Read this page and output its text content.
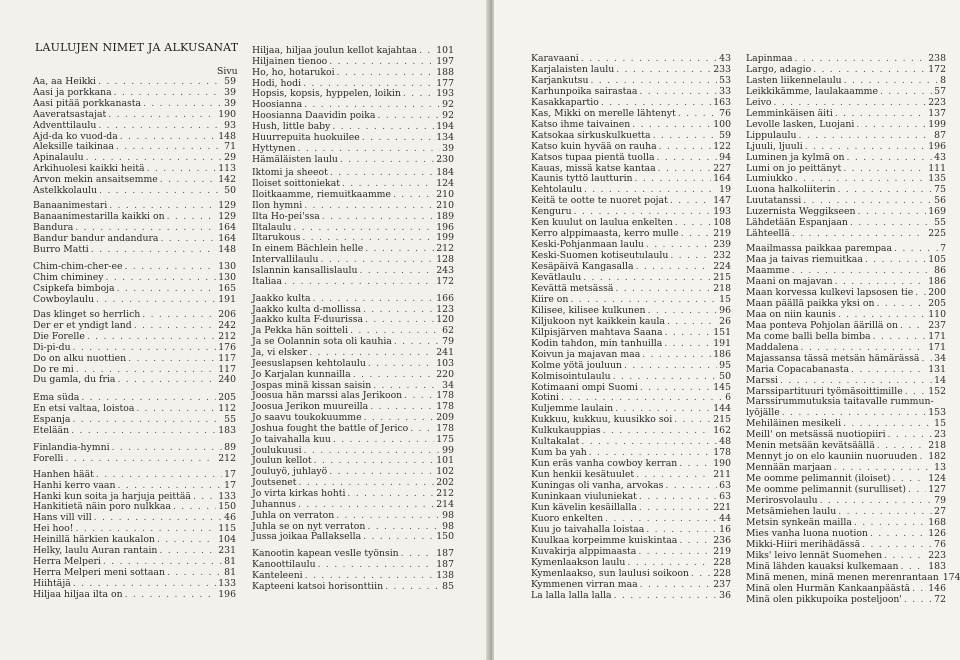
LAULUJEN NIMET JA ALKUSANAT
Sivu
Aa, aa Heikki . . .	59
Aasi ja porkkana . . .	39
Aasi pitää porkkanasta . . .	39
Aaveratsastajat . . .	190
Adventtilaulu . . .	93
Ajd-da ko vuod-da . . .	148
Aleksille taikinaa . . .	71
Apinalaulu . . .	29
Arkihuolesi kaikki heitä . . .	113
Arvon mekin ansaitsemme . . .	142
Astelkkolaulu . . .	50
Banaanimestari . . .	129
Banaanimestarilla kaikki on . . .	129
Bandura . . .	164
Bandur bandur andandura . . .	164
Burro Matti . . .	148
Chim-chim-cher-ee . . .	130
Chim chiminey . . .	130
Csipkefa bimboja . . .	165
Cowboylaulu . . .	191
Das klinget so herrlich . . .	206
Der er et yndigt land . . .	242
Die Forelle . . .	212
Di-pi-du . . .	176
Do on alku nuottien . . .	117
Do re mi . . .	117
Du gamla, du fria . . .	240
Ema süda . . .	205
En etsi valtaa, loistoa . . .	112
Espanja . . .	55
Etelään . . .	183
Finlandia-hymni . . .	89
Forelli . . .	212
Hanhen häät . . .	17
Hanhi kerro vaan . . .	17
Hanki kun soita ja harjuja peittää . . .	133
Hankitietä näin poro nulkkaa . . .	150
Hans vill vill . . .	46
Hei hoo! . . .	115
Heinillä härkien kaukalon . . .	104
Helky, laulu Auran rantain . . .	231
Herra Melperi . . .	81
Herra Melperi meni sottaan . . .	81
Hiihtäjä . . .	133
Hiljaa hiljaa ilta on . . .	196
Hiljaa, hiljaa joulun kellot kajahtaa . . . 101
Hiljainen tienoo . . .	197
Ho, ho, hotarukoi . . .	188
Hodi, hodi . . .	177
Hopsis, kopsis, hyppelen, loikin . . .	193
Hoosianna . . .	92
Hoosianna Daavidin poika . . .	92
Hush, little baby . . .	194
Huurrepuita huokuilee . . .	134
Hyttynen . . .	39
Hämäläisten laulu . . .	230
Iktomi ja sheeot . . .	184
Iloiset soittoniekat . . .	124
Iloitkaamme, riemuitkaamme . . .	210
Ilon hymni . . .	210
Ilta Ho-pei'ssa . . .	189
Iltalaulu . . .	196
Iltarukous . . .	199
In einem Bächlein helle . . .	212
Intervallilaulu . . .	128
Islannin kansallislaulu . . .	243
Italiaa . . .	172
Jaakko kulta . . .	166
Jaakko kulta d-mollissa . . .	123
Jaakko kulta F-duurissa . . .	120
Ja Pekka hän soitteli . . .	62
Ja se Oolannin sota oli kauhia . . .	79
Ja, vi elsker . . .	241
Jeesuslapsen kehtolaulu . . .	103
Jo Karjalan kunnailla . . .	220
Jospas minä kissan saisin . . .	34
Joosua hän marssi alas Jerikoon . . .	178
Joosua Jerikon muureilla . . .	178
Jo saavu toukokuumme . . .	209
Joshua fought the battle of Jerico . . .	178
Jo taivahalla kuu . . .	175
Joulukuusi . . .	99
Joulun kellot . . .	101
Jouluyö, juhlayö . . .	102
Joutsenet . . .	202
Jo virta kirkas hohti . . .	212
Juhannus . . .	214
Juhla on verraton . . .	98
Juhla se on nyt verraton . . .	98
Jussa joikaa Pallaksella . . .	150
Kanootin kapean veslle työnsin . . .	187
Kanoottilaulu . . .	187
Kanteleeni . . .	138
Kapteeni katsoi horisonttiin . . .	85
Karavaani . . .	43
Karjalaisten laulu . . .	233
Karjankutsu . . .	53
Karhunpoika sairastaa . . .	33
Kasakkapartio . . .	163
Kas, Mikki on merelle lähtenyt . . .	76
Katso ihme taivainen . . .	100
Katsokaa sirkuskulkuetta . . .	59
Katso kuin hyvää on rauha . . .	122
Katsos tupaa pientä tuolla . . .	94
Kauas, missä katse kantaa . . .	227
Kaunis tyttö lautturin . . .	164
Kehtolaulu . . .	19
Keitä te ootte te nuoret pojat . . .	147
Kenguru . . .	193
Ken kuulut on laulua enkelten . . .	108
Kerro alppimaasta, kerro mulle . . .	219
Keski-Pohjanmaan laulu . . .	239
Keski-Suomen kotiseutulaulu . . .	232
Kesäpäivä Kangasalla . . .	224
Kevätlaulu . . .	215
Kevättä metsässä . . .	218
Kiire on . . .	15
Kilisee, kilisee kulkunen . . .	96
Kiljukoon nyt kaikkein kaula . . .	26
Kilpisjärven mahtava Saana . . .	151
Kodin tahdon, min tanhuilla . . .	191
Koivun ja majavan maa . . .	186
Kolme yötä jouluun . . .	95
Kolmisointulaulu . . .	50
Kotimaani ompi Suomi . . .	145
Kotini . . .	6
Kuljemme laulain . . .	144
Kukkuu, kukkuu, kuusikko soi . . .	215
Kulkukauppias . . .	162
Kultakalat . . .	48
Kum ba yah . . .	178
Kun eräs vanha cowboy kerran . . .	190
Kun henkii kesätuulet . . .	211
Kuningas oli vanha, arvokas . . .	63
Kuninkaan viuluniekat . . .	63
Kun kävelin kesäillalla . . .	221
Kuoro enkelten . . .	44
Kuu jo taivahalla loistaa . . .	16
Kuulkaa korpeimme kuiskintaa . . .	236
Kuvakirja alppimaasta . . .	219
Kymenlaakson laulu . . .	228
Kymenlaakso, sun laulusi soikoon . . .	228
Kymmenen virran maa . . .	237
La lalla lalla lalla . . .	36
Lapinmaa . . .	238
Largo, adagio . . .	172
Lasten liikennelaulu . . .	8
Leikkikämme, laulakaamme . . .	57
Leivo . . .	223
Lemminkäisen äiti . . .	137
Levolle lasken, Luojani . . .	199
Lippulaulu . . .	87
Ljuuli, ljuuli . . .	196
Luminen ja kylmä on . . .	43
Lumi on jo peittänyt . . .	111
Lumiukko . . .	135
Luona halkoliiterin . . .	75
Luutatanssi . . .	56
Luzernista Weggikseen . . .	169
Lähdetään Espanjaan . . .	55
Lähteellä . . .	225
Maailmassa paikkaa parempaa . . .	7
Maa ja taivas riemuitkaa . . .	105
Maamme . . .	86
Maani on majavan . . .	186
Maan korvessa kulkevi lapsosen tie . . . 200
Maan päällä paikka yksi on . . .	205
Maa on niin kaunis . . .	110
Maa ponteva Pohjolan äärillä on . . .	237
Ma come balli bella bimba . . .	171
Maddalena . . .	171
Majassansa tässä metsän hämärässä . . . 34
Maria Copacabanasta . . .	131
Marssi . . .	14
Marssipartituuri työmäsoittimille . . .	152
Marssirummutuksia taitavalle rummun-
lyöjälle . . .	153
Mehiläinen mesikeli . . .	15
Meill' on metsässä nuotiopiiri . . .	23
Menin metsään kevätsäällä . . .	218
Mennyt jo on elo kauniin nuoruuden . . . 182
Mennään marjaan . . .	13
Me oomme pelimannit (iloiset) . . .	124
Me oomme pelimannit (surulliset) . . . 127
Merirosvolaulu . . .	79
Metsämiehen laulu . . .	27
Metsin synkeän mailla . . .	168
Mies vanha luona nuotion . . .	126
Mikki-Hiiri merihädässä . . .	76
Miks' leivo lennät Suomehen . . .	223
Minä lähden kauaksi kulkemaan . . .	183
Minä menen, minä menen merenrantaan 174
Minä olen Hurmän Kankaanpäästä . . . 146
Minä olen pikkupoika posteljoon' . . .	72
